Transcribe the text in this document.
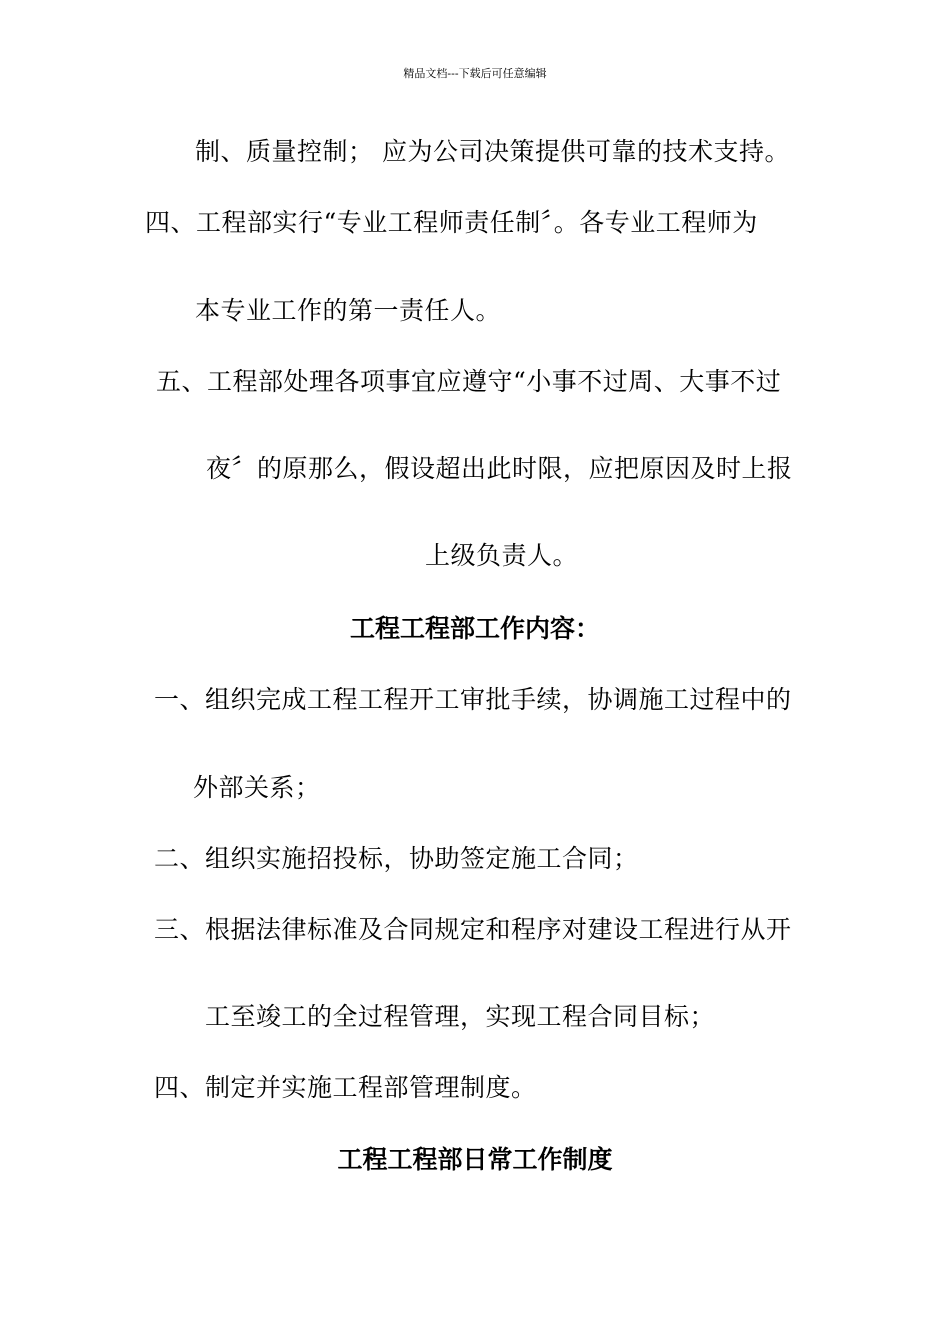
精品文档---下载后可任意编辑
制、质量控制； 应为公司决策提供可靠的技术支持。
四、工程部实行“专业工程师责任制〞。各专业工程师为
本专业工作的第一责任人。
五、工程部处理各项事宜应遵守“小事不过周、大事不过
夜〞的原那么，假设超出此时限，应把原因及时上报
上级负责人。
工程工程部工作内容：
一、组织完成工程工程开工审批手续，协调施工过程中的
外部关系；
二、组织实施招投标，协助签定施工合同；
三、根据法律标准及合同规定和程序对建设工程进行从开
工至竣工的全过程管理，实现工程合同目标；
四、制定并实施工程部管理制度。
工程工程部日常工作制度
